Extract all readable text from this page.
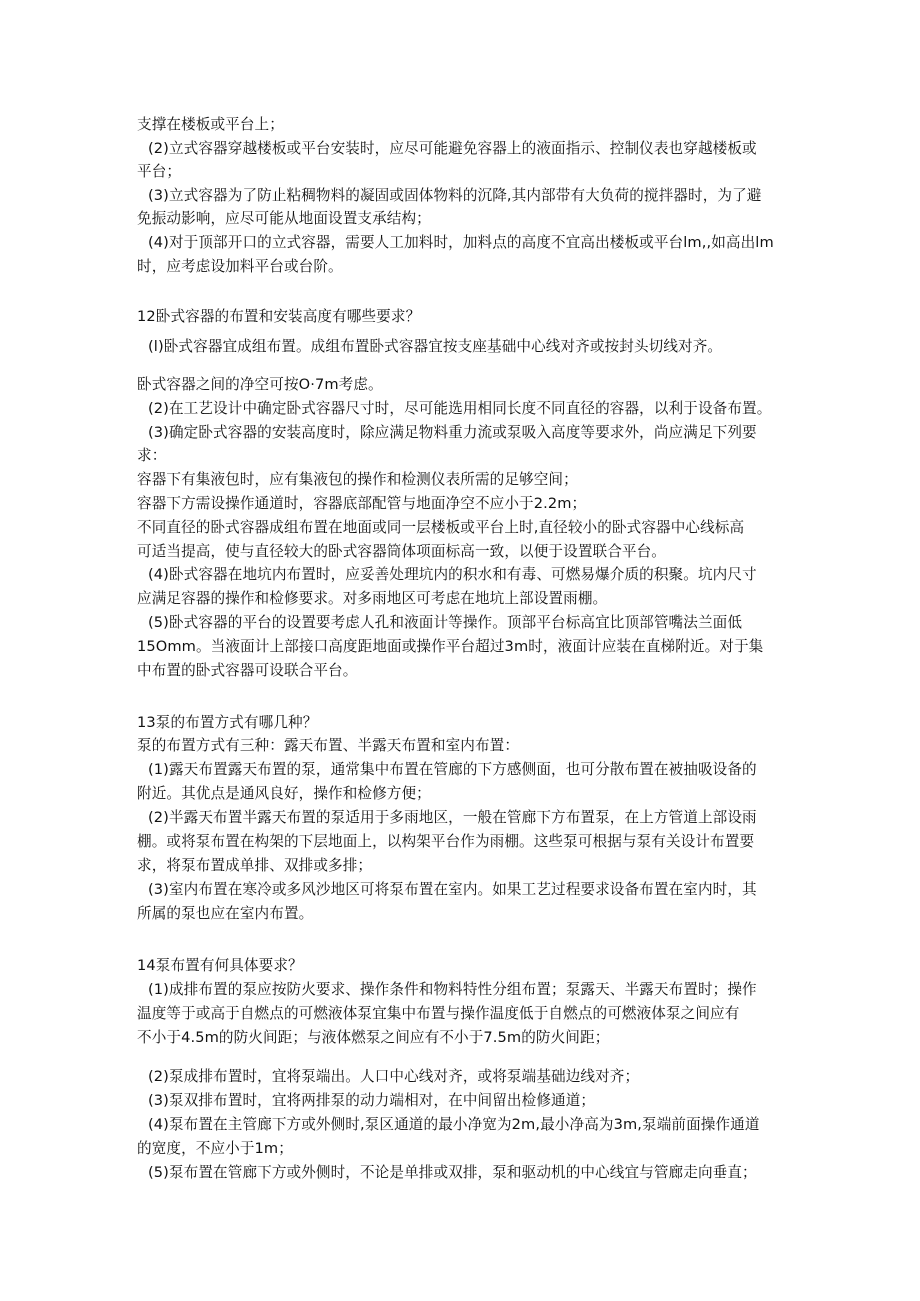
支撑在楼板或平台上；

(2)立式容器穿越楼板或平台安装时，应尽可能避免容器上的液面指示、控制仪表也穿越楼板或

平台；

(3)立式容器为了防止粘稠物料的凝固或固体物料的沉降,其内部带有大负荷的搅拌器时，为了避

免振动影响，应尽可能从地面设置支承结构；

(4)对于顶部开口的立式容器，需要人工加料时，加料点的高度不宜高出楼板或平台lm,,如高出lm

时，应考虑设加料平台或台阶。

12卧式容器的布置和安装高度有哪些要求？

(l)卧式容器宜成组布置。成组布置卧式容器宜按支座基础中心线对齐或按封头切线对齐。

卧式容器之间的净空可按O·7m考虑。

(2)在工艺设计中确定卧式容器尺寸时，尽可能选用相同长度不同直径的容器，以利于设备布置。

(3)确定卧式容器的安装高度时，除应满足物料重力流或泵吸入高度等要求外，尚应满足下列要

求：

容器下有集液包时，应有集液包的操作和检测仪表所需的足够空间；

容器下方需设操作通道时，容器底部配管与地面净空不应小于2.2m；

不同直径的卧式容器成组布置在地面或同一层楼板或平台上时,直径较小的卧式容器中心线标高

可适当提高，使与直径较大的卧式容器筒体项面标高一致，以便于设置联合平台。

(4)卧式容器在地坑内布置时，应妥善处理坑内的积水和有毒、可燃易爆介质的积聚。坑内尺寸

应满足容器的操作和检修要求。对多雨地区可考虑在地坑上部设置雨棚。

(5)卧式容器的平台的设置要考虑人孔和液面计等操作。顶部平台标高宜比顶部管嘴法兰面低

15Omm。当液面计上部接口高度距地面或操作平台超过3m时，液面计应装在直梯附近。对于集

中布置的卧式容器可设联合平台。

13泵的布置方式有哪几种？

泵的布置方式有三种：露天布置、半露天布置和室内布置：

(1)露天布置露天布置的泵，通常集中布置在管廊的下方感侧面，也可分散布置在被抽吸设备的

附近。其优点是通风良好，操作和检修方便；

(2)半露天布置半露天布置的泵适用于多雨地区，一般在管廊下方布置泵，在上方管道上部设雨

棚。或将泵布置在构架的下层地面上，以构架平台作为雨棚。这些泵可根据与泵有关设计布置要

求，将泵布置成单排、双排或多排；

(3)室内布置在寒冷或多风沙地区可将泵布置在室内。如果工艺过程要求设备布置在室内时，其

所属的泵也应在室内布置。

14泵布置有何具体要求？

(1)成排布置的泵应按防火要求、操作条件和物料特性分组布置；泵露天、半露天布置时；操作

温度等于或高于自燃点的可燃液体泵宜集中布置与操作温度低于自燃点的可燃液体泵之间应有

不小于4.5m的防火间距；与液体燃泵之间应有不小于7.5m的防火间距；

(2)泵成排布置时，宜将泵端出。人口中心线对齐，或将泵端基础边线对齐；

(3)泵双排布置时，宜将两排泵的动力端相对，在中间留出检修通道；

(4)泵布置在主管廊下方或外侧时,泵区通道的最小净宽为2m,最小净高为3m,泵端前面操作通道

的宽度，不应小于1m；

(5)泵布置在管廊下方或外侧时，不论是单排或双排，泵和驱动机的中心线宜与管廊走向垂直；
